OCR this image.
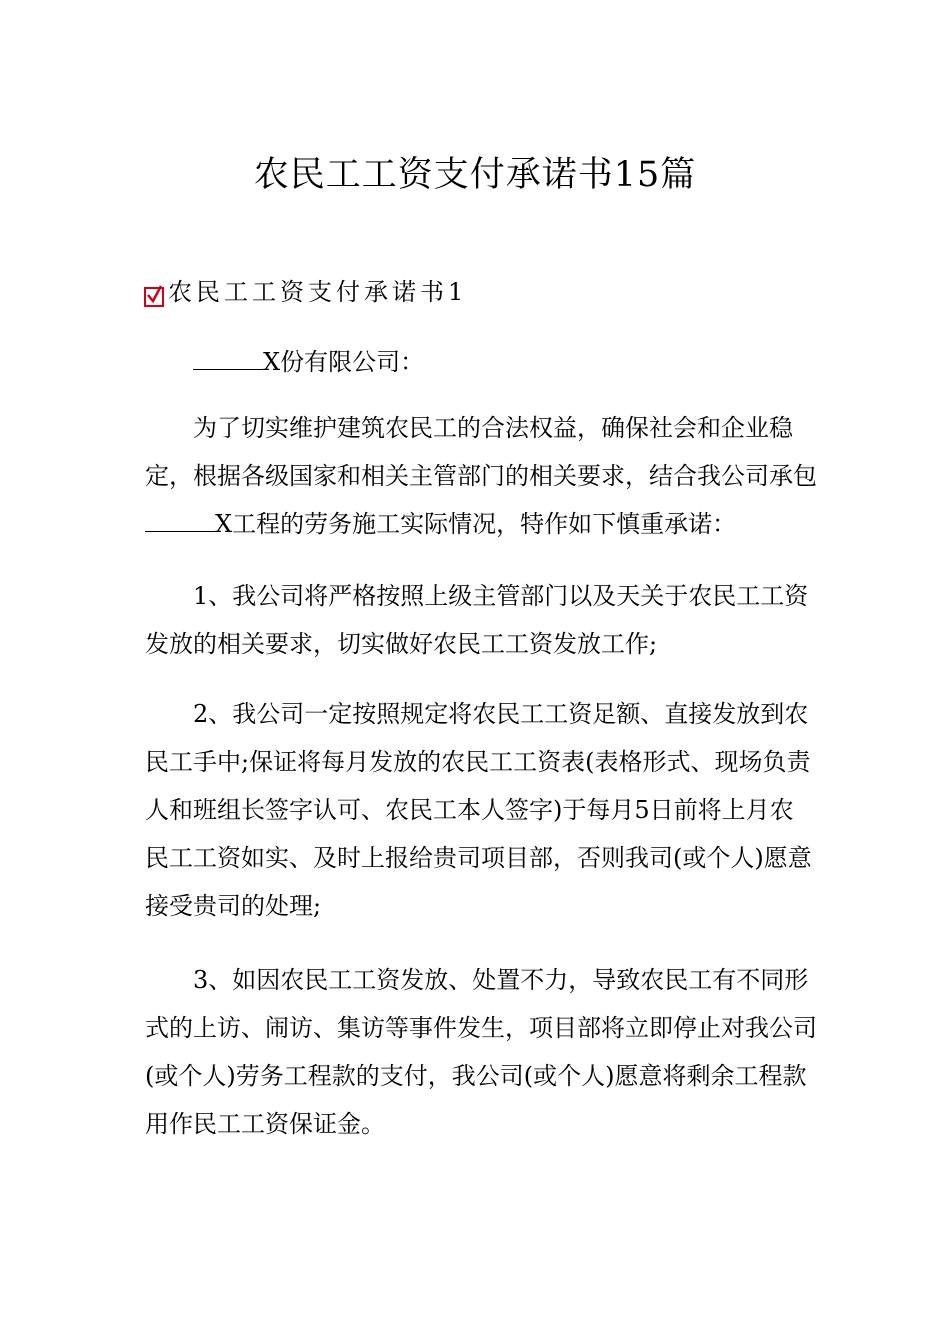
农民工工资支付承诺书15篇
农民工工资支付承诺书1
X份有限公司：
为了切实维护建筑农民工的合法权益，确保社会和企业稳
定，根据各级国家和相关主管部门的相关要求，结合我公司承包
X工程的劳务施工实际情况，特作如下慎重承诺：
1、我公司将严格按照上级主管部门以及天关于农民工工资
发放的相关要求，切实做好农民工工资发放工作;
2、我公司一定按照规定将农民工工资足额、直接发放到农
民工手中;保证将每月发放的农民工工资表(表格形式、现场负责
人和班组长签字认可、农民工本人签字)于每月5日前将上月农
民工工资如实、及时上报给贵司项目部，否则我司(或个人)愿意
接受贵司的处理;
3、如因农民工工资发放、处置不力，导致农民工有不同形
式的上访、闹访、集访等事件发生，项目部将立即停止对我公司
(或个人)劳务工程款的支付，我公司(或个人)愿意将剩余工程款
用作民工工资保证金。
